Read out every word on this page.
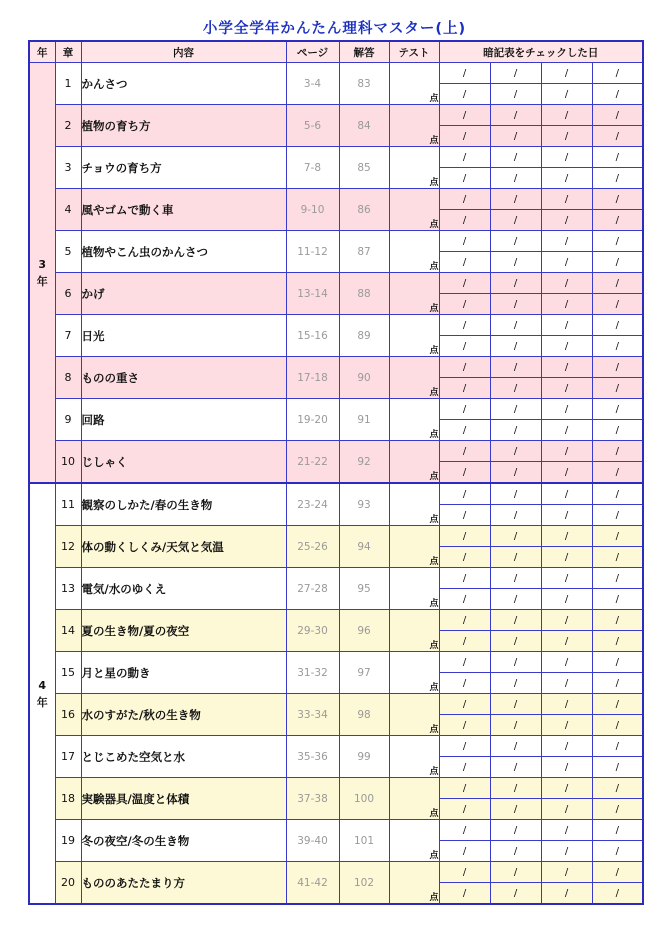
小学全学年かんたん理科マスター(上)
年	章	内容	ページ	解答	テスト	暗記表をチェックした日			
3
年	1	かんさつ	3-4	83	点	/	/	/	/
						/	/	/	/
	2	植物の育ち方	5-6	84	点	/	/	/	/
						/	/	/	/
	3	チョウの育ち方	7-8	85	点	/	/	/	/
						/	/	/	/
	4	風やゴムで動く車	9-10	86	点	/	/	/	/
						/	/	/	/
	5	植物やこん虫のかんさつ	11-12	87	点	/	/	/	/
						/	/	/	/
	6	かげ	13-14	88	点	/	/	/	/
						/	/	/	/
	7	日光	15-16	89	点	/	/	/	/
						/	/	/	/
	8	ものの重さ	17-18	90	点	/	/	/	/
						/	/	/	/
	9	回路	19-20	91	点	/	/	/	/
						/	/	/	/
	10	じしゃく	21-22	92	点	/	/	/	/
						/	/	/	/
4
年	11	観察のしかた/春の生き物	23-24	93	点	/	/	/	/
						/	/	/	/
	12	体の動くしくみ/天気と気温	25-26	94	点	/	/	/	/
						/	/	/	/
	13	電気/水のゆくえ	27-28	95	点	/	/	/	/
						/	/	/	/
	14	夏の生き物/夏の夜空	29-30	96	点	/	/	/	/
						/	/	/	/
	15	月と星の動き	31-32	97	点	/	/	/	/
						/	/	/	/
	16	水のすがた/秋の生き物	33-34	98	点	/	/	/	/
						/	/	/	/
	17	とじこめた空気と水	35-36	99	点	/	/	/	/
						/	/	/	/
	18	実験器具/温度と体積	37-38	100	点	/	/	/	/
						/	/	/	/
	19	冬の夜空/冬の生き物	39-40	101	点	/	/	/	/
						/	/	/	/
	20	もののあたたまり方	41-42	102	点	/	/	/	/
						/	/	/	/
